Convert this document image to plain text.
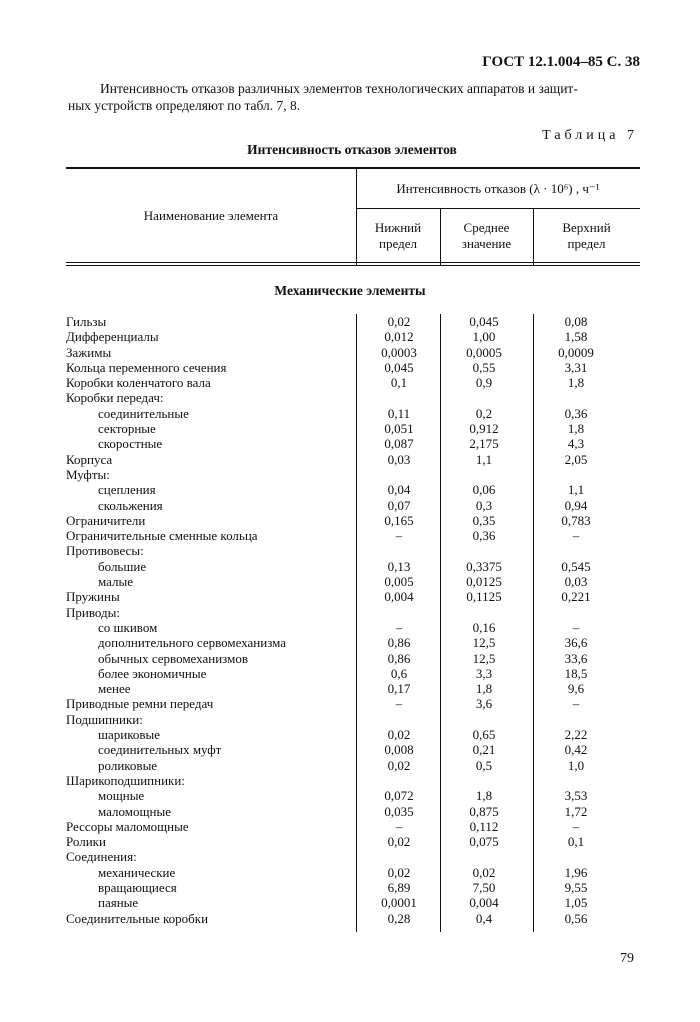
ГОСТ 12.1.004–85 С. 38
Интенсивность отказов различных элементов технологических аппаратов и защит-
ных устройств определяют по табл. 7, 8.
Таблица 7
Интенсивность отказов элементов
Наименование элемента
Интенсивность отказов (λ · 10⁶) , ч⁻¹
Нижний
предел
Среднее
значение
Верхний
предел
Механические элементы
Гильзы	0,02	0,045	0,08
Дифференциалы	0,012	1,00	1,58
Зажимы	0,0003	0,0005	0,0009
Кольца переменного сечения	0,045	0,55	3,31
Коробки коленчатого вала	0,1	0,9	1,8
Коробки передач:
соединительные	0,11	0,2	0,36
секторные	0,051	0,912	1,8
скоростные	0,087	2,175	4,3
Корпуса	0,03	1,1	2,05
Муфты:
сцепления	0,04	0,06	1,1
скольжения	0,07	0,3	0,94
Ограничители	0,165	0,35	0,783
Ограничительные сменные кольца	–	0,36	–
Противовесы:
большие	0,13	0,3375	0,545
малые	0,005	0,0125	0,03
Пружины	0,004	0,1125	0,221
Приводы:
со шкивом	–	0,16	–
дополнительного сервомеханизма	0,86	12,5	36,6
обычных сервомеханизмов	0,86	12,5	33,6
более экономичные	0,6	3,3	18,5
менее	0,17	1,8	9,6
Приводные ремни передач	–	3,6	–
Подшипники:
шариковые	0,02	0,65	2,22
соединительных муфт	0,008	0,21	0,42
роликовые	0,02	0,5	1,0
Шарикоподшипники:
мощные	0,072	1,8	3,53
маломощные	0,035	0,875	1,72
Рессоры маломощные	–	0,112	–
Ролики	0,02	0,075	0,1
Соединения:
механические	0,02	0,02	1,96
вращающиеся	6,89	7,50	9,55
паяные	0,0001	0,004	1,05
Соединительные коробки	0,28	0,4	0,56
79
